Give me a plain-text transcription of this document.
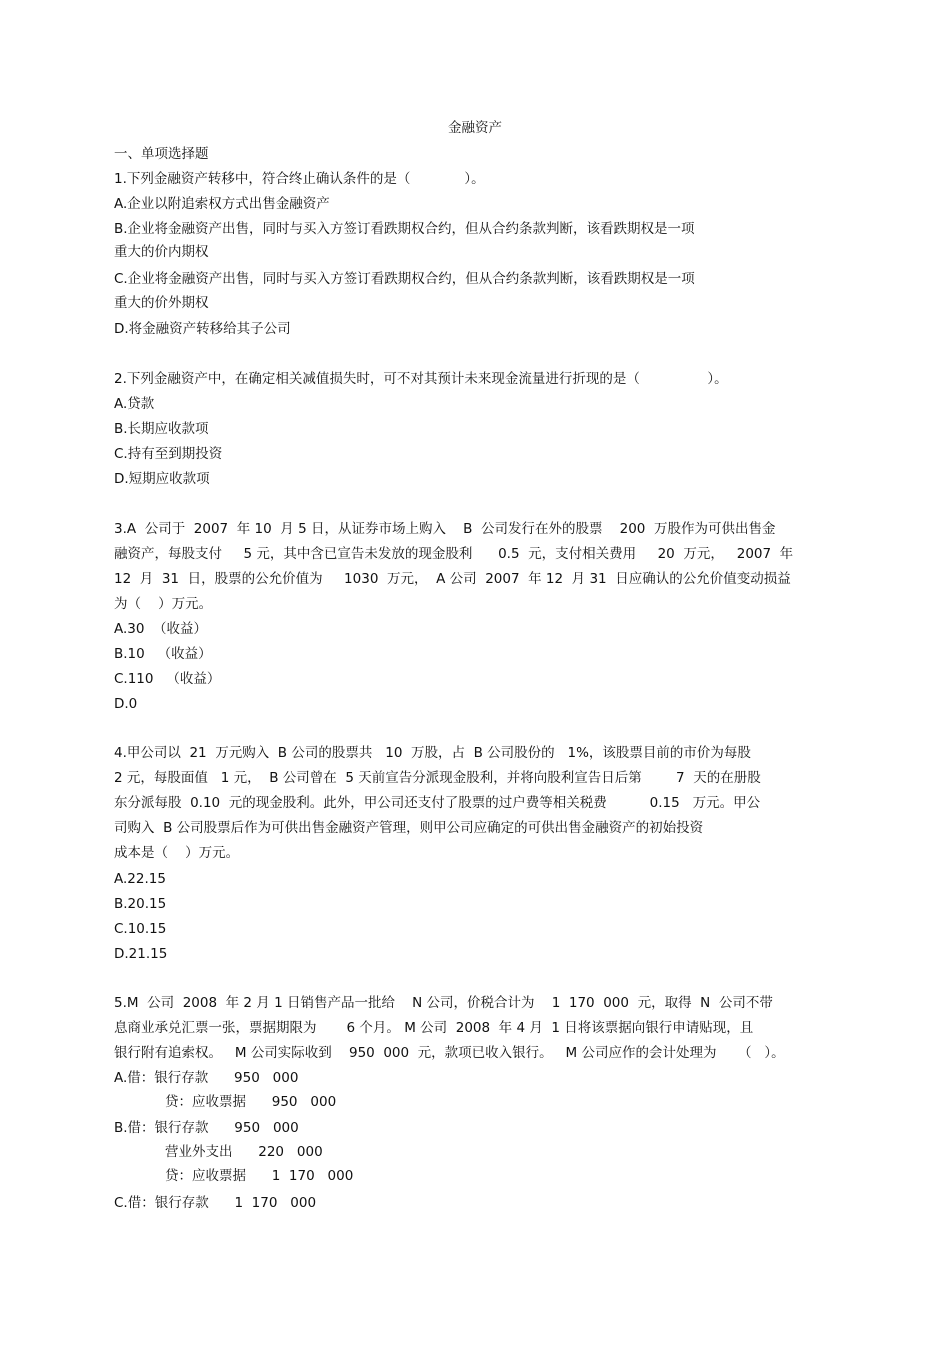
金融资产
一、单项选择题
1.下列金融资产转移中，符合终止确认条件的是（　　　　）。
A.企业以附追索权方式出售金融资产
B.企业将金融资产出售，同时与买入方签订看跌期权合约，但从合约条款判断，该看跌期权是一项
重大的价内期权
C.企业将金融资产出售，同时与买入方签订看跌期权合约，但从合约条款判断，该看跌期权是一项
重大的价外期权
D.将金融资产转移给其子公司
2.下列金融资产中，在确定相关减值损失时，可不对其预计未来现金流量进行折现的是（　　　　　）。
A.贷款
B.长期应收款项
C.持有至到期投资
D.短期应收款项
3.A  公司于  2007  年 10  月 5 日，从证券市场上购入    B  公司发行在外的股票    200  万股作为可供出售金
融资产，每股支付     5 元，其中含已宣告未发放的现金股利      0.5  元，支付相关费用     20  万元，   2007  年
12  月  31  日，股票的公允价值为     1030  万元，  A 公司  2007  年 12  月 31  日应确认的公允价值变动损益
为（    ）万元。
A.30  （收益）
B.10   （收益）
C.110   （收益）
D.0
4.甲公司以  21  万元购入  B 公司的股票共   10  万股，占  B 公司股份的   1%，该股票目前的市价为每股
2 元，每股面值   1 元，  B 公司曾在  5 天前宣告分派现金股利，并将向股利宣告日后第        7  天的在册股
东分派每股  0.10  元的现金股利。此外，甲公司还支付了股票的过户费等相关税费          0.15   万元。甲公
司购入  B 公司股票后作为可供出售金融资产管理，则甲公司应确定的可供出售金融资产的初始投资
成本是（    ）万元。
A.22.15
B.20.15
C.10.15
D.21.15
5.M  公司  2008  年 2 月 1 日销售产品一批给    N 公司，价税合计为    1  170  000  元，取得  N  公司不带
息商业承兑汇票一张，票据期限为       6 个月。 M 公司  2008  年 4 月  1 日将该票据向银行申请贴现，且
银行附有追索权。   M 公司实际收到    950  000  元，款项已收入银行。   M 公司应作的会计处理为     （   ）。
A.借：银行存款      950   000
贷：应收票据      950   000
B.借：银行存款      950   000
营业外支出      220   000
贷：应收票据      1  170   000
C.借：银行存款      1  170   000
